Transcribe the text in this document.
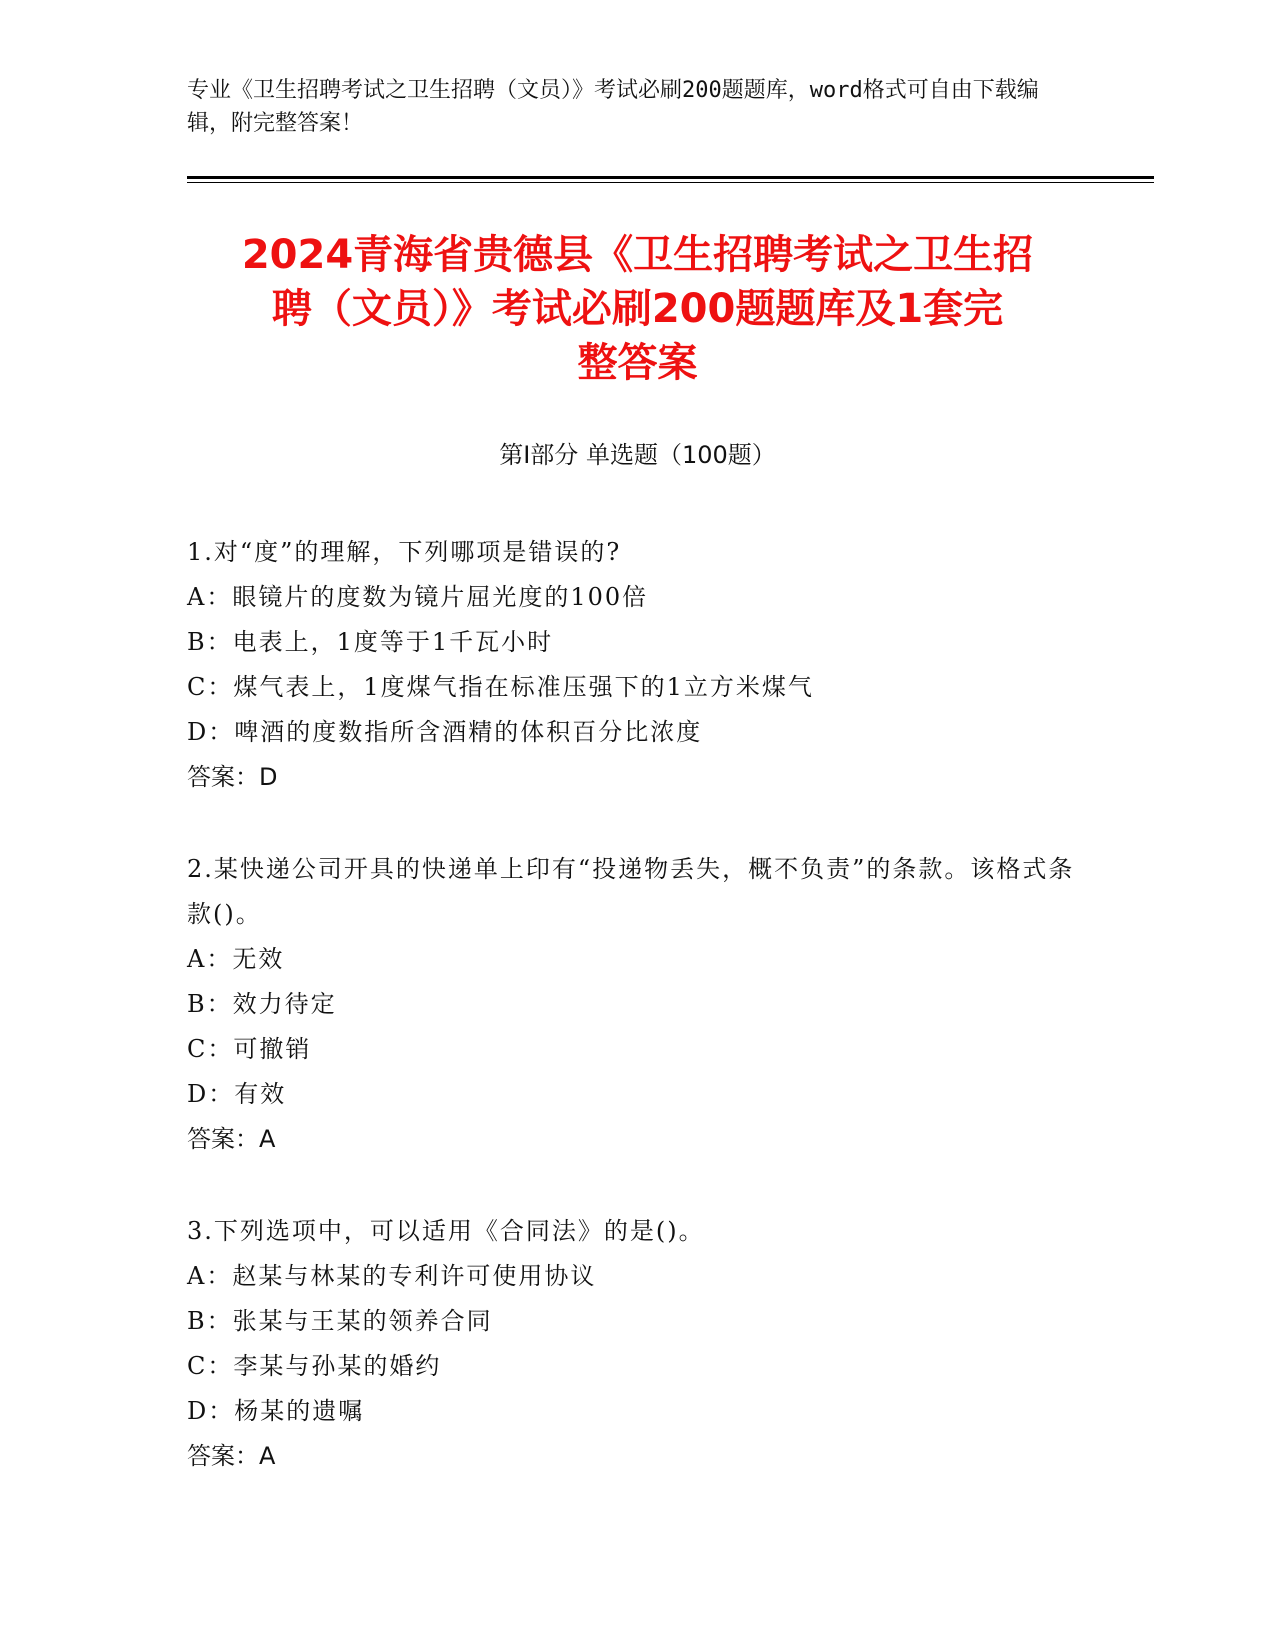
专业《卫生招聘考试之卫生招聘（文员）》考试必刷200题题库，word格式可自由下载编辑，附完整答案！
2024青海省贵德县《卫生招聘考试之卫生招
聘（文员）》考试必刷200题题库及1套完
整答案
第Ⅰ部分 单选题（100题）
1.对“度”的理解，下列哪项是错误的?
A：眼镜片的度数为镜片屈光度的100倍
B：电表上，1度等于1千瓦小时
C：煤气表上，1度煤气指在标准压强下的1立方米煤气
D：啤酒的度数指所含酒精的体积百分比浓度
答案：D
2.某快递公司开具的快递单上印有“投递物丢失，概不负责”的条款。该格式条款()。
A：无效
B：效力待定
C：可撤销
D：有效
答案：A
3.下列选项中，可以适用《合同法》的是()。
A：赵某与林某的专利许可使用协议
B：张某与王某的领养合同
C：李某与孙某的婚约
D：杨某的遗嘱
答案：A
